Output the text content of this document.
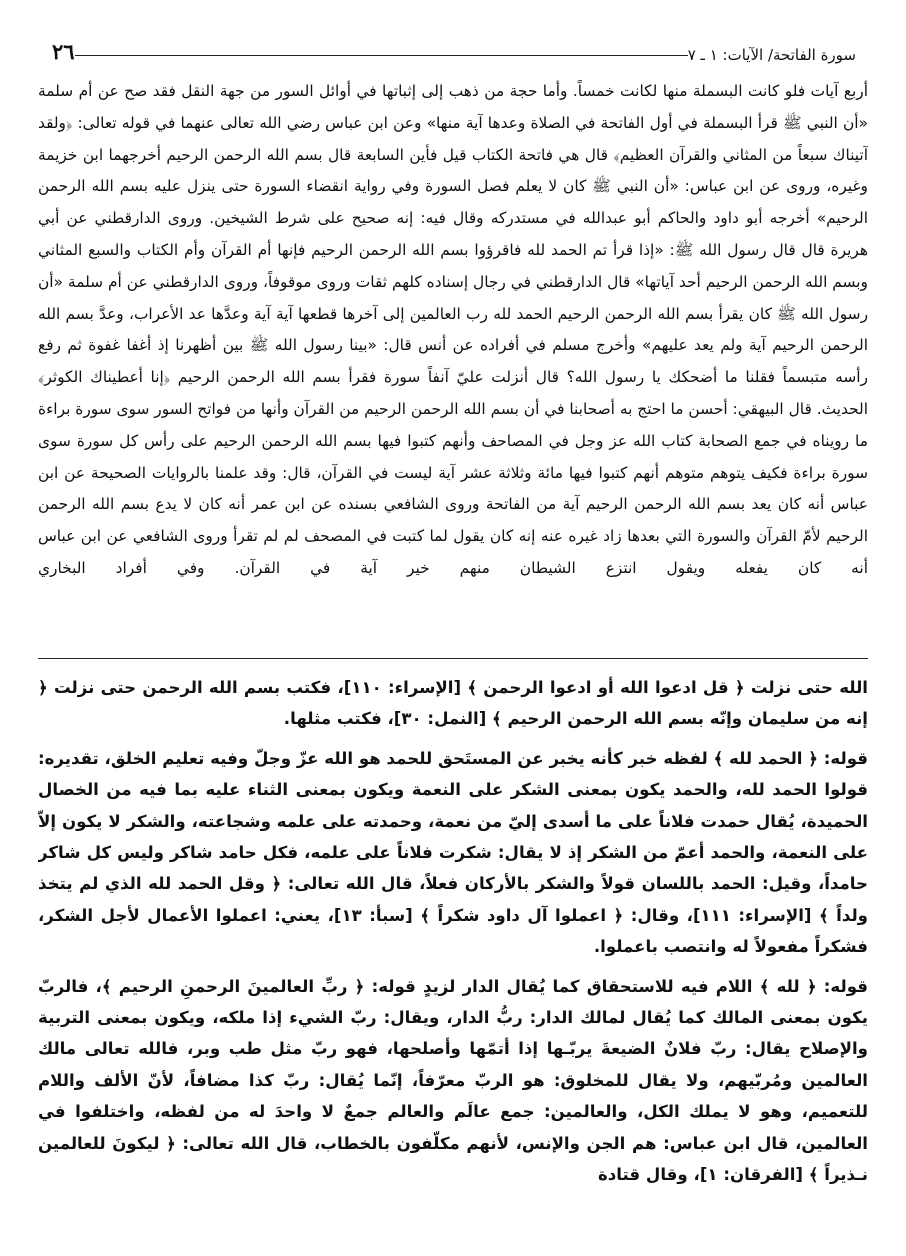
سورة الفاتحة/ الآيات: ١ ـ ٧
٢٦

أربع آيات فلو كانت البسملة منها لكانت خمساً. وأما حجة من ذهب إلى إثباتها في أوائل السور من جهة النقل فقد صح عن أم سلمة «أن النبي ﷺ قرأ البسملة في أول الفاتحة في الصلاة وعدها آية منها» وعن ابن عباس رضي الله تعالى عنهما في قوله تعالى: ﴿ولقد آتيناك سبعاً من المثاني والقرآن العظيم﴾ قال هي فاتحة الكتاب قيل فأين السابعة قال بسم الله الرحمن الرحيم أخرجهما ابن خزيمة وغيره، وروى عن ابن عباس: «أن النبي ﷺ كان لا يعلم فصل السورة وفي رواية انقضاء السورة حتى ينزل عليه بسم الله الرحمن الرحيم» أخرجه أبو داود والحاكم أبو عبدالله في مستدركه وقال فيه: إنه صحيح على شرط الشيخين. وروى الدارقطني عن أبي هريرة قال قال رسول الله ﷺ: «إذا قرأ تم الحمد لله فاقرؤوا بسم الله الرحمن الرحيم فإنها أم القرآن وأم الكتاب والسبع المثاني وبسم الله الرحمن الرحيم أحد آياتها» قال الدارقطني في رجال إسناده كلهم ثقات وروى موقوفاً، وروى الدارقطني عن أم سلمة «أن رسول الله ﷺ كان يقرأ بسم الله الرحمن الرحيم الحمد لله رب العالمين إلى آخرها قطعها آية آية وعدَّها عد الأعراب، وعدَّ بسم الله الرحمن الرحيم آية ولم يعد عليهم» وأخرج مسلم في أفراده عن أنس قال: «بينا رسول الله ﷺ بين أظهرنا إذ أغفا غفوة ثم رفع رأسه متبسماً فقلنا ما أضحكك يا رسول الله؟ قال أنزلت عليّ آنفاً سورة فقرأ بسم الله الرحمن الرحيم ﴿إنا أعطيناك الكوثر﴾ الحديث. قال البيهقي: أحسن ما احتج به أصحابنا في أن بسم الله الرحمن الرحيم من القرآن وأنها من فواتح السور سوى سورة براءة ما رويناه في جمع الصحابة كتاب الله عز وجل في المصاحف وأنهم كتبوا فيها بسم الله الرحمن الرحيم على رأس كل سورة سوى سورة براءة فكيف يتوهم متوهم أنهم كتبوا فيها مائة وثلاثة عشر آية ليست في القرآن، قال: وقد علمنا بالروايات الصحيحة عن ابن عباس أنه كان يعد بسم الله الرحمن الرحيم آية من الفاتحة وروى الشافعي بسنده عن ابن عمر أنه كان لا يدع بسم الله الرحمن الرحيم لأمّ القرآن والسورة التي بعدها زاد غيره عنه إنه كان يقول لما كتبت في المصحف لم لم تقرأ وروى الشافعي عن ابن عباس أنه كان يفعله ويقول انتزع الشيطان منهم خير آية في القرآن. وفي أفراد البخاري

الله حتى نزلت ﴿ قل ادعوا الله أو ادعوا الرحمن ﴾ [الإسراء: ١١٠]، فكتب بسم الله الرحمن حتى نزلت ﴿ إنه من سليمان وإنّه بسم الله الرحمن الرحيم ﴾ [النمل: ٣٠]، فكتب مثلها.

قوله: ﴿ الحمد لله ﴾ لفظه خبر كأنه يخبر عن المستَحق للحمد هو الله عزّ وجلّ وفيه تعليم الخلق، تقديره: قولوا الحمد لله، والحمد يكون بمعنى الشكر على النعمة ويكون بمعنى الثناء عليه بما فيه من الخصال الحميدة، يُقال حمدت فلاناً على ما أسدى إليّ من نعمة، وحمدته على علمه وشجاعته، والشكر لا يكون إلاّ على النعمة، والحمد أعمّ من الشكر إذ لا يقال: شكرت فلاناً على علمه، فكل حامد شاكر وليس كل شاكر حامداً، وقيل: الحمد باللسان قولاً والشكر بالأركان فعلاً، قال الله تعالى: ﴿ وقل الحمد لله الذي لم يتخذ ولداً ﴾ [الإسراء: ١١١]، وقال: ﴿ اعملوا آل داود شكراً ﴾ [سبأ: ١٣]، يعني: اعملوا الأعمال لأجل الشكر، فشكراً مفعولاً له وانتصب باعملوا.

قوله: ﴿ لله ﴾ اللام فيه للاستحقاق كما يُقال الدار لزيدٍ قوله: ﴿ ربِّ العالمينَ الرحمنِ الرحيم ﴾، فالربّ يكون بمعنى المالك كما يُقال لمالك الدار: ربُّ الدار، ويقال: ربّ الشيء إذا ملكه، ويكون بمعنى التربية والإصلاح يقال: ربّ فلانٌ الضيعةَ يربّـها إذا أتمّها وأصلحها، فهو ربّ مثل طب وبر، فالله تعالى مالك العالمين ومُربّيهم، ولا يقال للمخلوق: هو الربّ معرّفاً، إنّما يُقال: ربّ كذا مضافاً، لأنّ الألف واللام للتعميم، وهو لا يملك الكل، والعالمين: جمع عالَم والعالم جمعٌ لا واحدَ له من لفظه، واختلفوا في العالمين، قال ابن عباس: هم الجن والإنس، لأنهم مكلّفون بالخطاب، قال الله تعالى: ﴿ ليكونَ للعالمين نـذيراً ﴾ [الفرقان: ١]، وقال قتادة
